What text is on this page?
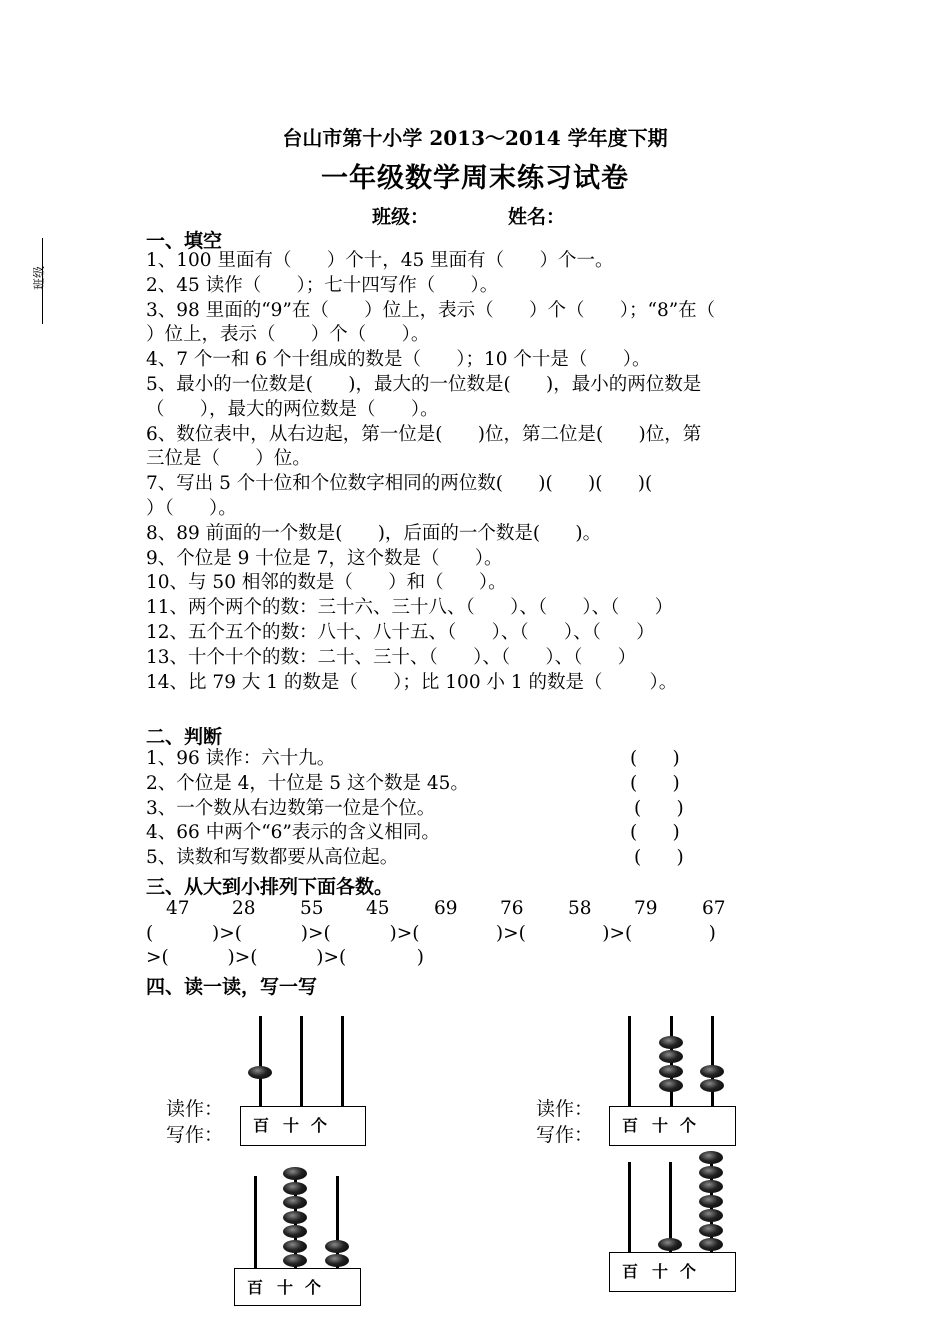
台山市第十小学 2013～2014 学年度下期
一年级数学周末练习试卷
班级：	姓名：
班级
一、填空
1、100 里面有（      ）个十，45 里面有（      ）个一。
2、45 读作（      ）；七十四写作（      ）。
3、98 里面的“9”在（      ）位上，表示（      ）个（      ）；“8”在（
）位上，表示（      ）个（      ）。
4、7 个一和 6 个十组成的数是（      ）；10 个十是（      ）。
5、最小的一位数是(      )，最大的一位数是(      )，最小的两位数是
（      ），最大的两位数是（      ）。
6、数位表中，从右边起，第一位是(      )位，第二位是(      )位，第
三位是（      ）位。
7、写出 5 个十位和个位数字相同的两位数(      )(      )(      )(
）（      ）。
8、89 前面的一个数是(      )，后面的一个数是(      )。
9、个位是 9 十位是 7，这个数是（      ）。
10、与 50 相邻的数是（      ）和（      ）。
11、两个两个的数：三十六、三十八、（      ）、（      ）、（      ）
12、五个五个的数：八十、八十五、（      ）、（      ）、（      ）
13、十个十个的数：二十、三十、（      ）、（      ）、（      ）
14、比 79 大 1 的数是（      ）；比 100 小 1 的数是（        ）。
二、判断
1、96 读作：六十九。	(      )
2、个位是 4，十位是 5 这个数是 45。	(      )
3、一个数从右边数第一位是个位。	(      )
4、66 中两个“6”表示的含义相同。	(      )
5、读数和写数都要从高位起。	(      )
三、从大到小排列下面各数。
47 28 55 45 69 76 58 79 67
(          )>(          )>(          )>(             )>(             )>(             )
>(          )>(          )>(            )
四、读一读，写一写
读作：
写作：
读作：
写作：
百 十 个	百 十 个
百 十 个
百 十 个
